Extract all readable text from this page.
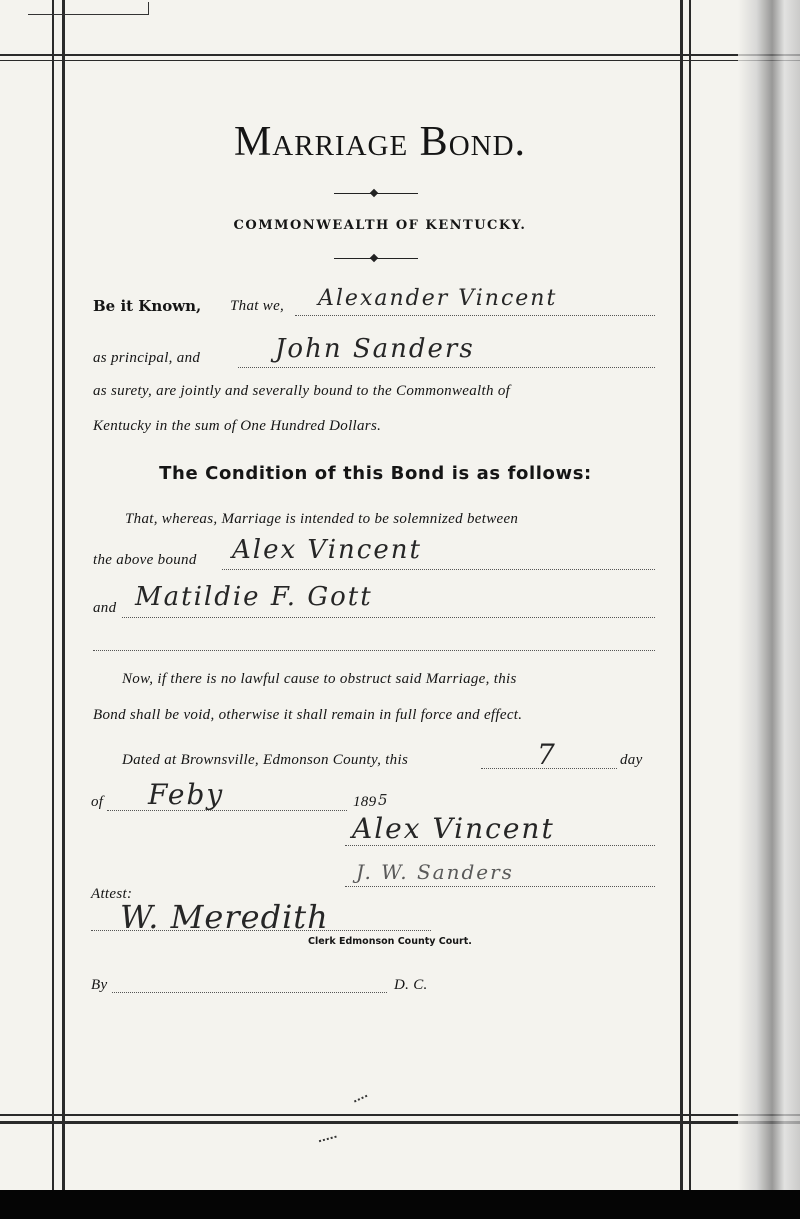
Marriage Bond.
COMMONWEALTH OF KENTUCKY.
Be it Known, That we, Alexander Vincent
as principal, and	John Sanders
as surety, are jointly and severally bound to the Commonwealth of
Kentucky in the sum of One Hundred Dollars.
The Condition of this Bond is as follows:
That, whereas, Marriage is intended to be solemnized between
the above bound Alex Vincent
and Matildie F. Gott
Now, if there is no lawful cause to obstruct said Marriage, this
Bond shall be void, otherwise it shall remain in full force and effect.
Dated at Brownsville, Edmonson County, this	7	day
of Feby	189 5
Alex Vincent
J. W. Sanders
Attest:
W. Meredith
Clerk Edmonson County Court.
By	D. C.
